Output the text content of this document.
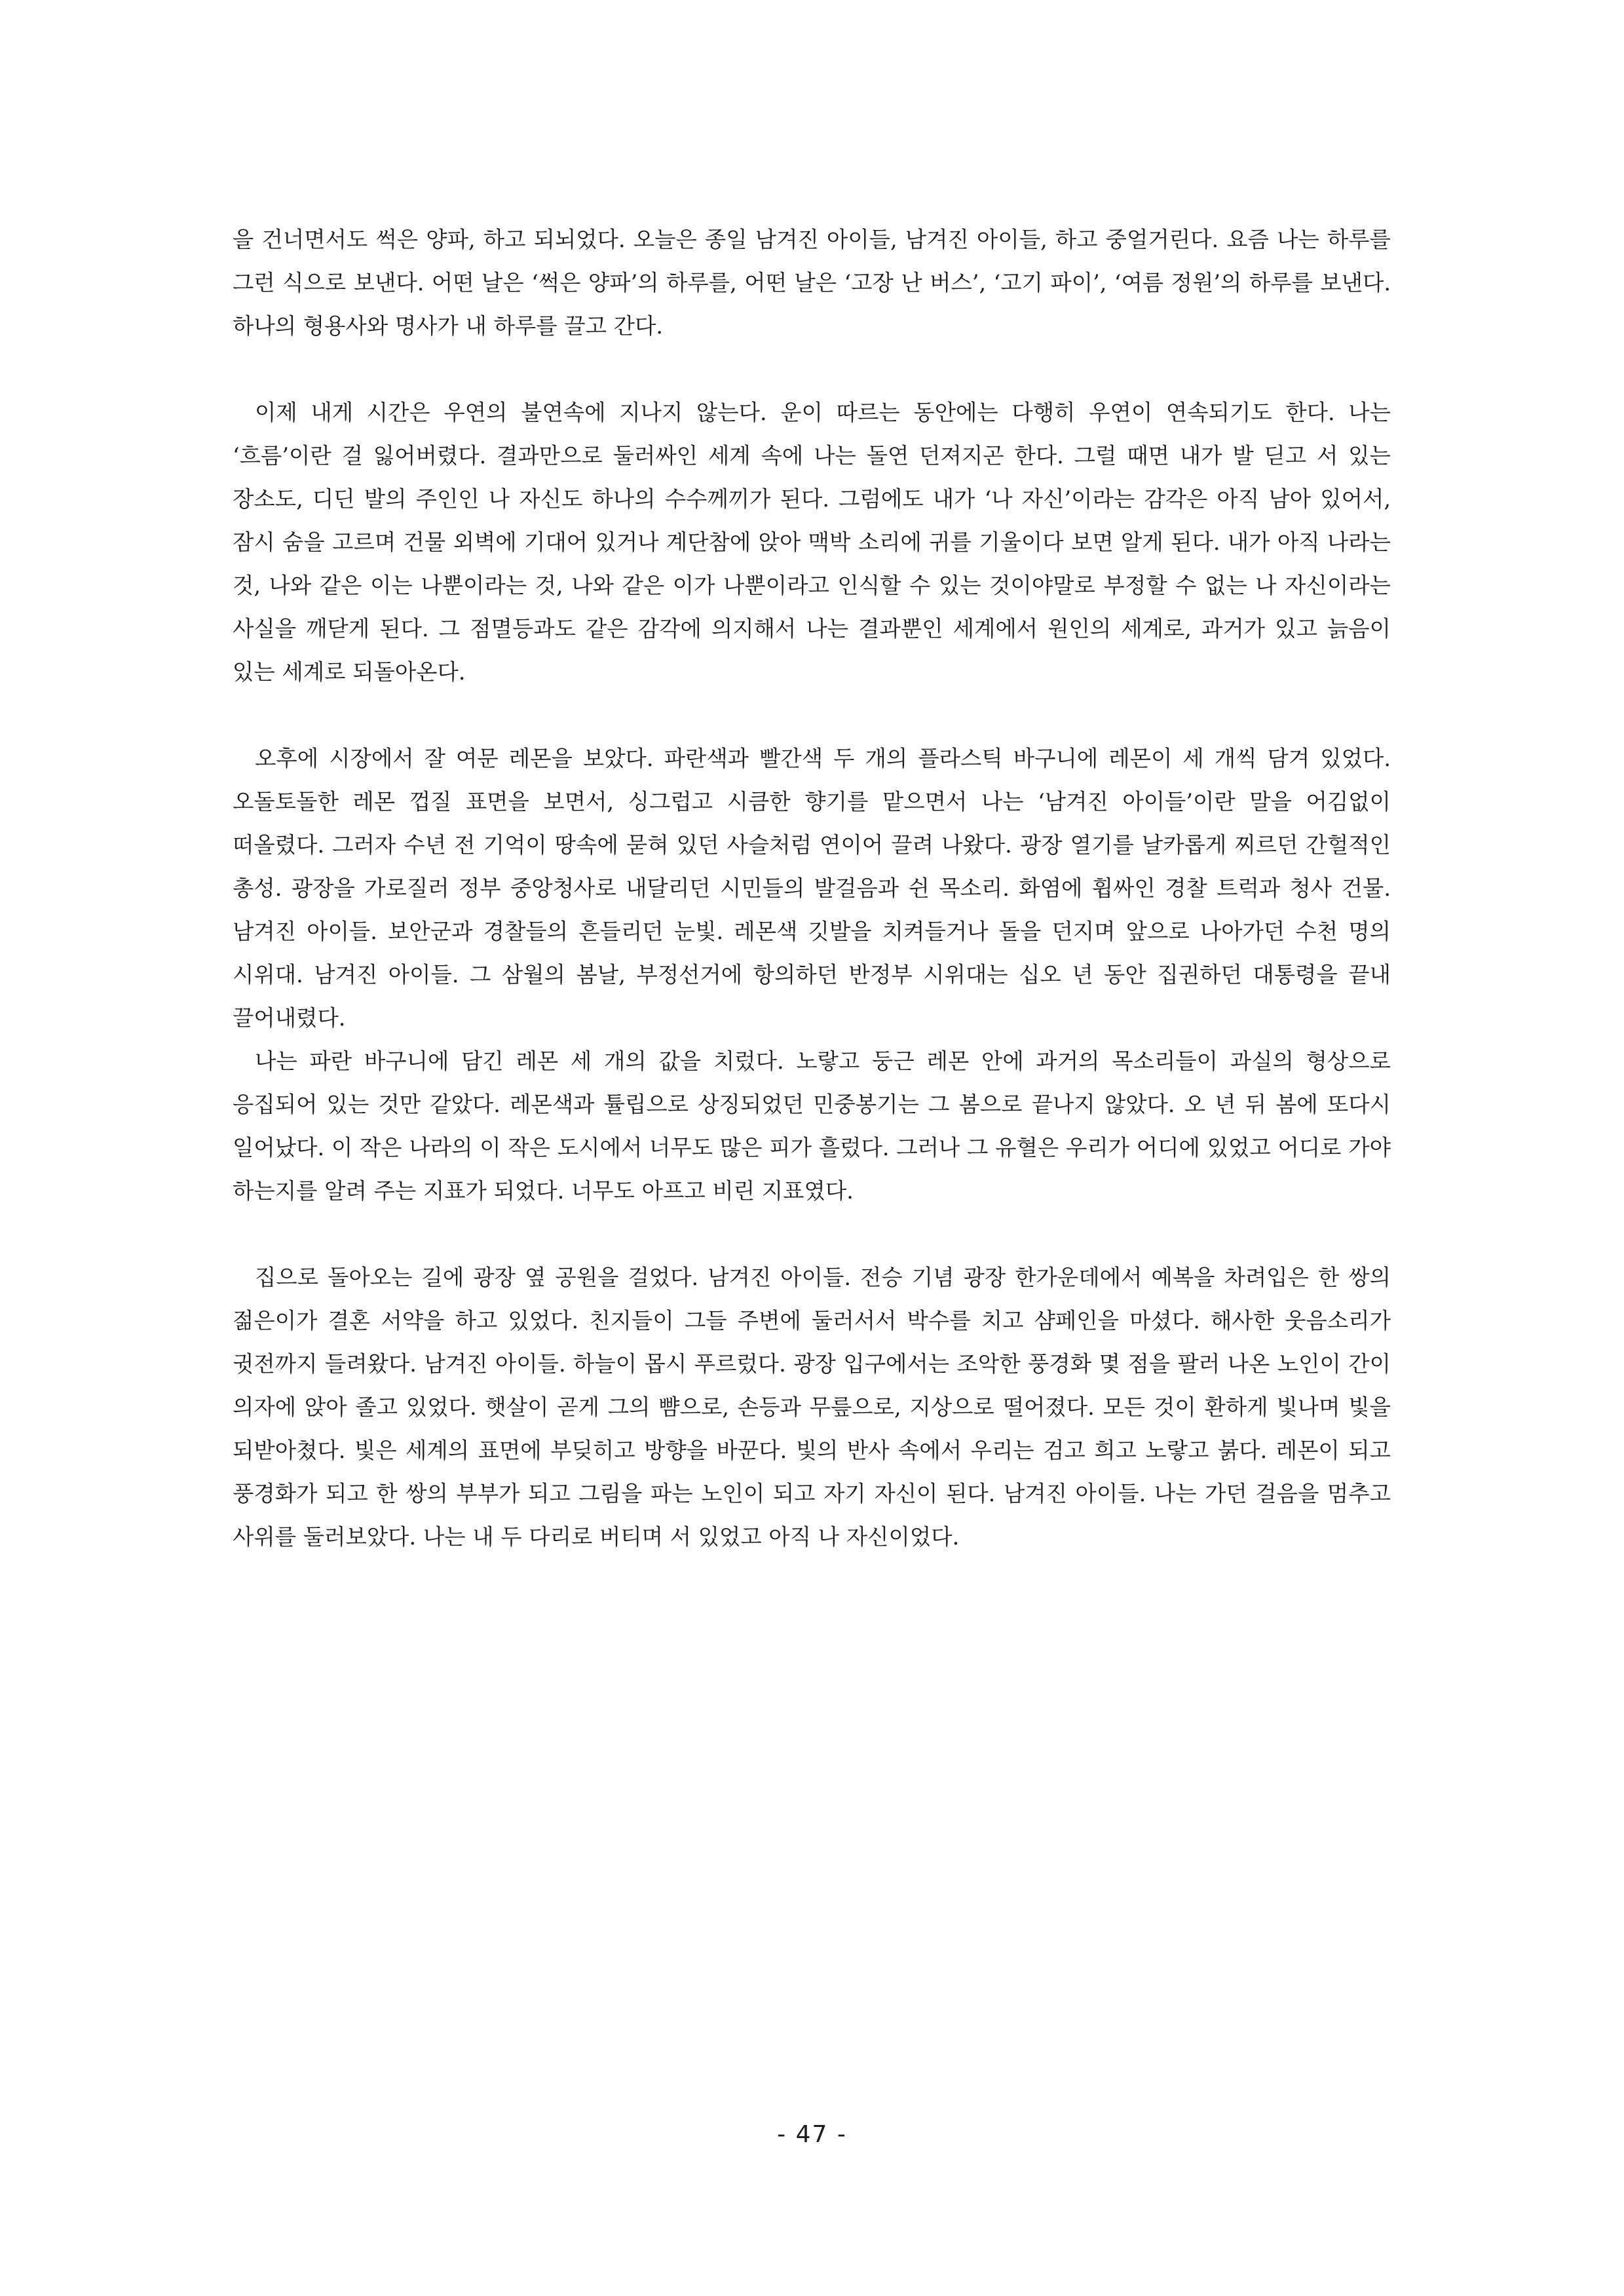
을 건너면서도 썩은 양파, 하고 되뇌었다. 오늘은 종일 남겨진 아이들, 남겨진 아이들, 하고 중얼거린다. 요즘 나는 하루를 그런 식으로 보낸다. 어떤 날은 ‘썩은 양파’의 하루를, 어떤 날은 ‘고장 난 버스’, ‘고기 파이’, ‘여름 정원’의 하루를 보낸다. 하나의 형용사와 명사가 내 하루를 끌고 간다.

이제 내게 시간은 우연의 불연속에 지나지 않는다. 운이 따르는 동안에는 다행히 우연이 연속되기도 한다. 나는 ‘흐름’이란 걸 잃어버렸다. 결과만으로 둘러싸인 세계 속에 나는 돌연 던져지곤 한다. 그럴 때면 내가 발 딛고 서 있는 장소도, 디딘 발의 주인인 나 자신도 하나의 수수께끼가 된다. 그럼에도 내가 ‘나 자신’이라는 감각은 아직 남아 있어서, 잠시 숨을 고르며 건물 외벽에 기대어 있거나 계단참에 앉아 맥박 소리에 귀를 기울이다 보면 알게 된다. 내가 아직 나라는 것, 나와 같은 이는 나뿐이라는 것, 나와 같은 이가 나뿐이라고 인식할 수 있는 것이야말로 부정할 수 없는 나 자신이라는 사실을 깨닫게 된다. 그 점멸등과도 같은 감각에 의지해서 나는 결과뿐인 세계에서 원인의 세계로, 과거가 있고 늙음이 있는 세계로 되돌아온다.

오후에 시장에서 잘 여문 레몬을 보았다. 파란색과 빨간색 두 개의 플라스틱 바구니에 레몬이 세 개씩 담겨 있었다. 오돌토돌한 레몬 껍질 표면을 보면서, 싱그럽고 시큼한 향기를 맡으면서 나는 ‘남겨진 아이들’이란 말을 어김없이 떠올렸다. 그러자 수년 전 기억이 땅속에 묻혀 있던 사슬처럼 연이어 끌려 나왔다. 광장 열기를 날카롭게 찌르던 간헐적인 총성. 광장을 가로질러 정부 중앙청사로 내달리던 시민들의 발걸음과 쉰 목소리. 화염에 휩싸인 경찰 트럭과 청사 건물. 남겨진 아이들. 보안군과 경찰들의 흔들리던 눈빛. 레몬색 깃발을 치켜들거나 돌을 던지며 앞으로 나아가던 수천 명의 시위대. 남겨진 아이들. 그 삼월의 봄날, 부정선거에 항의하던 반정부 시위대는 십오 년 동안 집권하던 대통령을 끝내 끌어내렸다.

나는 파란 바구니에 담긴 레몬 세 개의 값을 치렀다. 노랗고 둥근 레몬 안에 과거의 목소리들이 과실의 형상으로 응집되어 있는 것만 같았다. 레몬색과 튤립으로 상징되었던 민중봉기는 그 봄으로 끝나지 않았다. 오 년 뒤 봄에 또다시 일어났다. 이 작은 나라의 이 작은 도시에서 너무도 많은 피가 흘렀다. 그러나 그 유혈은 우리가 어디에 있었고 어디로 가야 하는지를 알려 주는 지표가 되었다. 너무도 아프고 비린 지표였다.

집으로 돌아오는 길에 광장 옆 공원을 걸었다. 남겨진 아이들. 전승 기념 광장 한가운데에서 예복을 차려입은 한 쌍의 젊은이가 결혼 서약을 하고 있었다. 친지들이 그들 주변에 둘러서서 박수를 치고 샴페인을 마셨다. 해사한 웃음소리가 귓전까지 들려왔다. 남겨진 아이들. 하늘이 몹시 푸르렀다. 광장 입구에서는 조악한 풍경화 몇 점을 팔러 나온 노인이 간이 의자에 앉아 졸고 있었다. 햇살이 곧게 그의 뺨으로, 손등과 무릎으로, 지상으로 떨어졌다. 모든 것이 환하게 빛나며 빛을 되받아쳤다. 빛은 세계의 표면에 부딪히고 방향을 바꾼다. 빛의 반사 속에서 우리는 검고 희고 노랗고 붉다. 레몬이 되고 풍경화가 되고 한 쌍의 부부가 되고 그림을 파는 노인이 되고 자기 자신이 된다. 남겨진 아이들. 나는 가던 걸음을 멈추고 사위를 둘러보았다. 나는 내 두 다리로 버티며 서 있었고 아직 나 자신이었다.

- 47 -
